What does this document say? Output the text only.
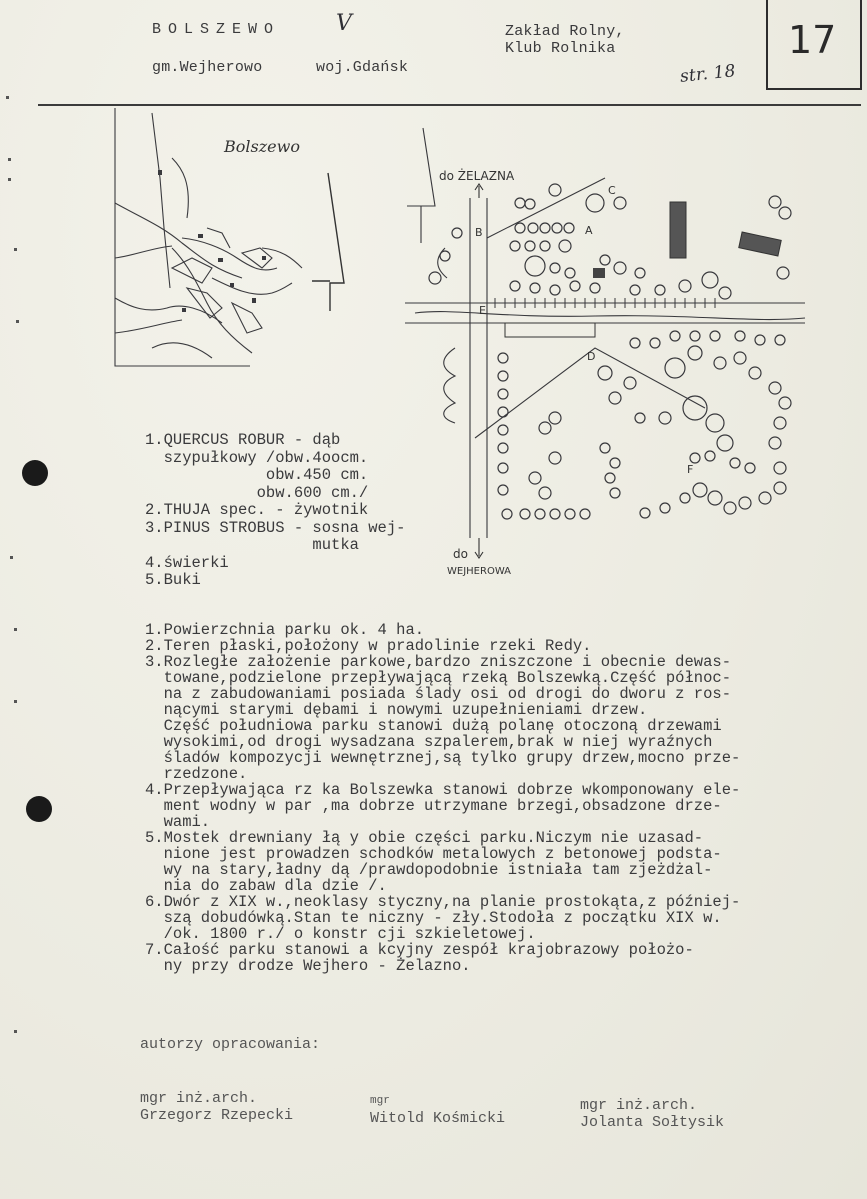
BOLSZEWO	V
gm.Wejherowo	woj.Gdańsk
Zakład Rolny,
Klub Rolnika
str. 18
17
Bolszewo
A
B
C
D
E
F
do ŻELAZNA
do
WEJHEROWA
1.QUERCUS ROBUR - dąb
szypułkowy /obw.4oocm.
obw.450 cm.
obw.600 cm./
2.THUJA spec. - żywotnik
3.PINUS STROBUS - sosna wej-
mutka
4.świerki
5.Buki
1.Powierzchnia parku ok. 4 ha.
2.Teren płaski,położony w pradolinie rzeki Redy.
3.Rozległe założenie parkowe,bardzo zniszczone i obecnie dewas-
towane,podzielone przepływającą rzeką Bolszewką.Część północ-
na z zabudowaniami posiada ślady osi od drogi do dworu z ros-
nącymi starymi dębami i nowymi uzupełnieniami drzew.
Część południowa parku stanowi dużą polanę otoczoną drzewami
wysokimi,od drogi wysadzana szpalerem,brak w niej wyraźnych
śladów kompozycji wewnętrznej,są tylko grupy drzew,mocno prze-
rzedzone.
4.Przepływająca rz ka Bolszewka stanowi dobrze wkomponowany ele-
ment wodny w par ,ma dobrze utrzymane brzegi,obsadzone drze-
wami.
5.Mostek drewniany łą y obie części parku.Niczym nie uzasad-
nione jest prowadzen schodków metalowych z betonowej podsta-
wy na stary,ładny dą /prawdopodobnie istniała tam zjeżdżal-
nia do zabaw dla dzie /.
6.Dwór z XIX w.,neoklasy styczny,na planie prostokąta,z później-
szą dobudówką.Stan te niczny - zły.Stodoła z początku XIX w.
/ok. 1800 r./ o konstr cji szkieletowej.
7.Całość parku stanowi a kcyjny zespół krajobrazowy położo-
ny przy drodze Wejhero - Żelazno.
autorzy opracowania:
mgr inż.arch.
Grzegorz Rzepecki
mgr
Witold Kośmicki
mgr inż.arch.
Jolanta Sołtysik
